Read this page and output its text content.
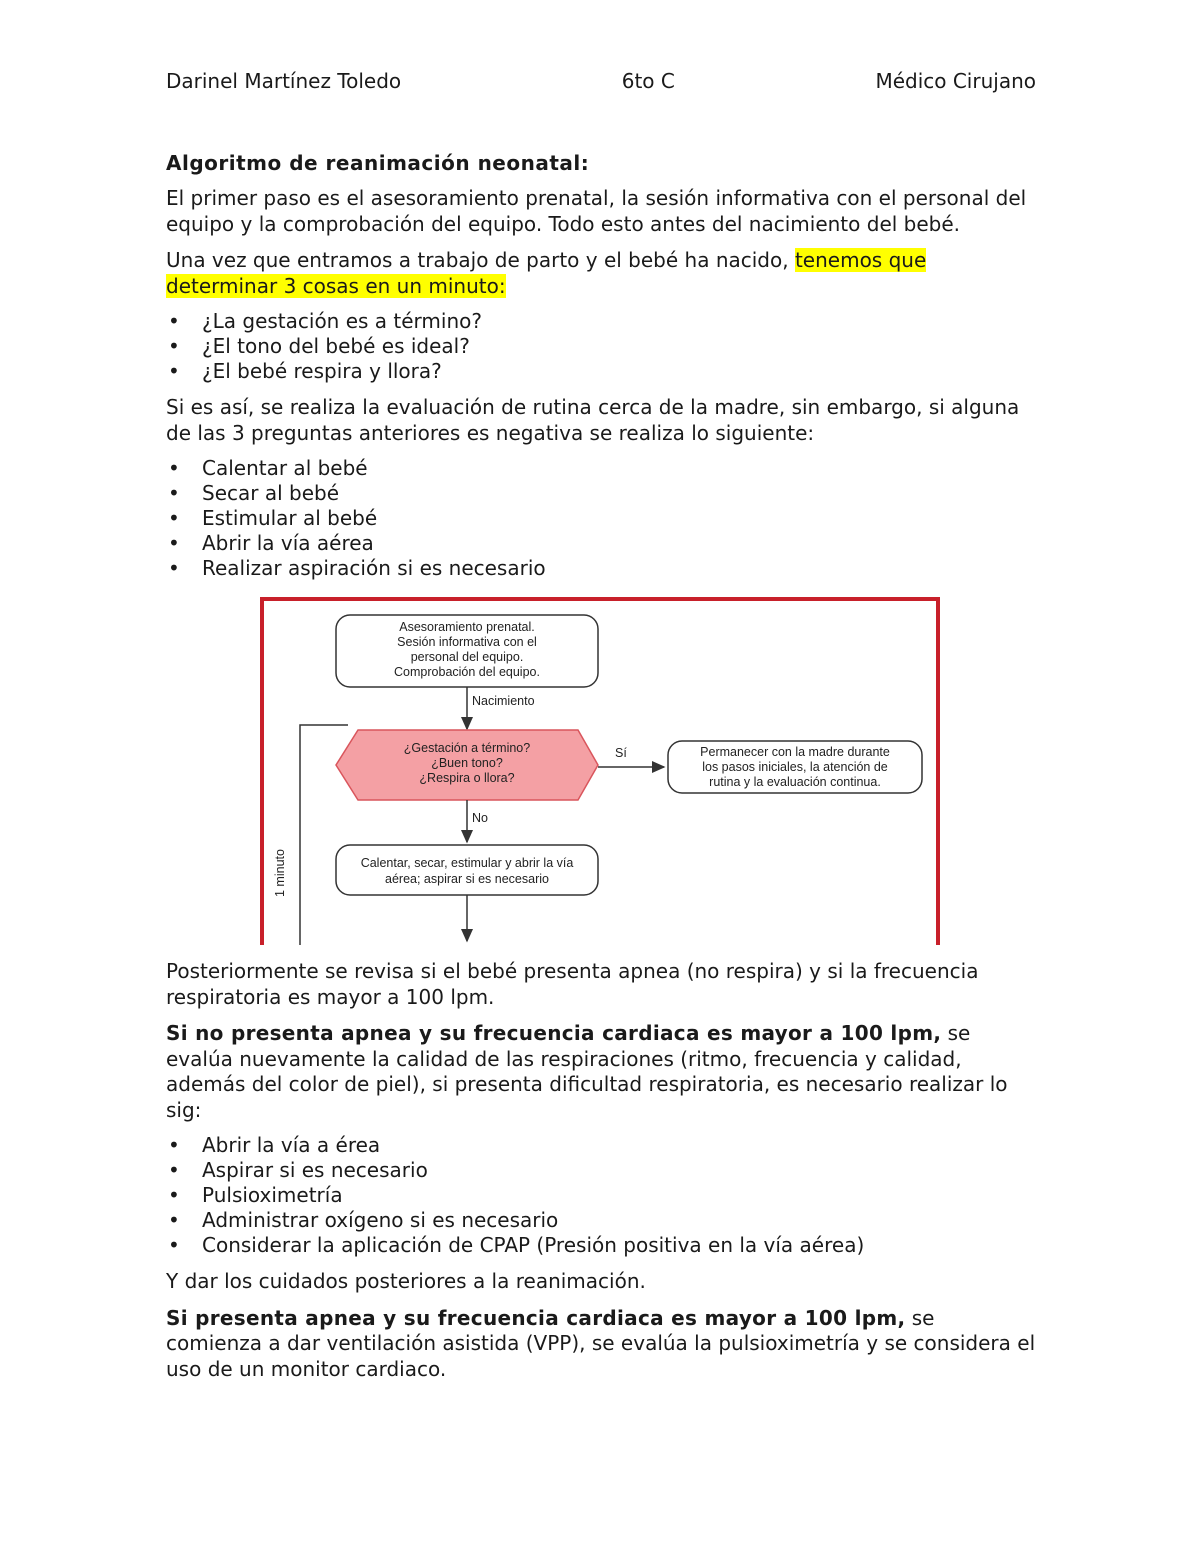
Darinel Martínez Toledo	6to C	Médico Cirujano
Algoritmo de reanimación neonatal:

El primer paso es el asesoramiento prenatal, la sesión informativa con el personal del equipo y la comprobación del equipo. Todo esto antes del nacimiento del bebé.

Una vez que entramos a trabajo de parto y el bebé ha nacido, tenemos que determinar 3 cosas en un minuto:

• ¿La gestación es a término?
• ¿El tono del bebé es ideal?
• ¿El bebé respira y llora?

Si es así, se realiza la evaluación de rutina cerca de la madre, sin embargo, si alguna de las 3 preguntas anteriores es negativa se realiza lo siguiente:

• Calentar al bebé
• Secar al bebé
• Estimular al bebé
• Abrir la vía aérea
• Realizar aspiración si es necesario
Asesoramiento prenatal.
Sesión informativa con el
personal del equipo.
Comprobación del equipo.
Nacimiento
1 minuto
¿Gestación a término?
¿Buen tono?
¿Respira o llora?
Sí	Permanecer con la madre durante
los pasos iniciales, la atención de
rutina y la evaluación continua.
No
Calentar, secar, estimular y abrir la vía
aérea; aspirar si es necesario

Posteriormente se revisa si el bebé presenta apnea (no respira) y si la frecuencia respiratoria es mayor a 100 lpm.

Si no presenta apnea y su frecuencia cardiaca es mayor a 100 lpm, se evalúa nuevamente la calidad de las respiraciones (ritmo, frecuencia y calidad, además del color de piel), si presenta dificultad respiratoria, es necesario realizar lo sig:

• Abrir la vía a érea
• Aspirar si es necesario
• Pulsioximetría
• Administrar oxígeno si es necesario
• Considerar la aplicación de CPAP (Presión positiva en la vía aérea)

Y dar los cuidados posteriores a la reanimación.

Si presenta apnea y su frecuencia cardiaca es mayor a 100 lpm, se comienza a dar ventilación asistida (VPP), se evalúa la pulsioximetría y se considera el uso de un monitor cardiaco.
